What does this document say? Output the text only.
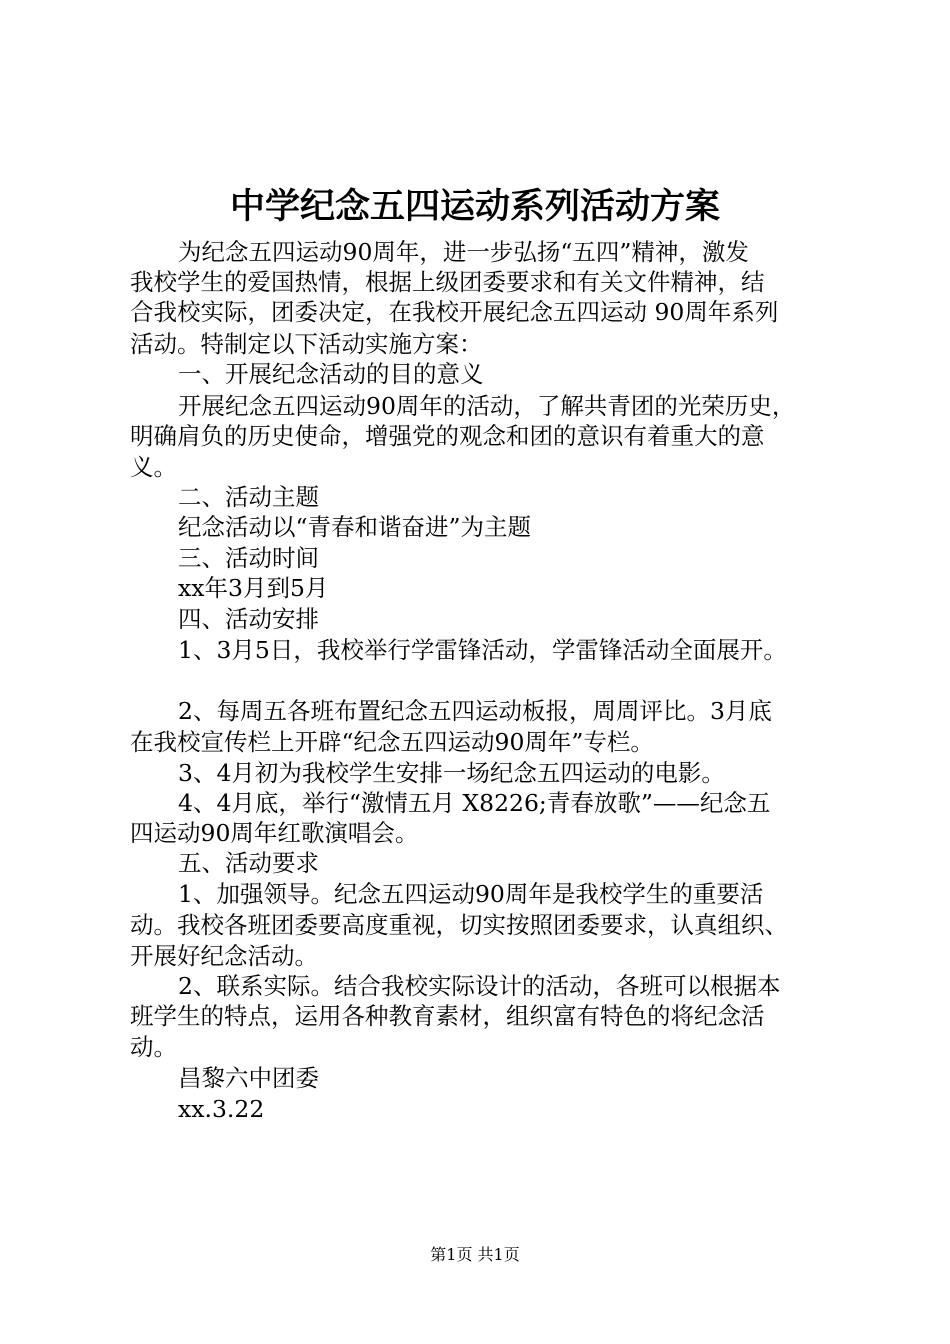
中学纪念五四运动系列活动方案
为纪念五四运动90周年，进一步弘扬“五四”精神，激发
我校学生的爱国热情，根据上级团委要求和有关文件精神，结
合我校实际，团委决定，在我校开展纪念五四运动 90周年系列
活动。特制定以下活动实施方案：
一、开展纪念活动的目的意义
开展纪念五四运动90周年的活动，了解共青团的光荣历史，
明确肩负的历史使命，增强党的观念和团的意识有着重大的意
义。
二、活动主题
纪念活动以“青春和谐奋进”为主题
三、活动时间
xx年3月到5月
四、活动安排
1、3月5日，我校举行学雷锋活动，学雷锋活动全面展开。
2、每周五各班布置纪念五四运动板报，周周评比。3月底
在我校宣传栏上开辟“纪念五四运动90周年”专栏。
3、4月初为我校学生安排一场纪念五四运动的电影。
4、4月底，举行“激情五月 X8226;青春放歌”——纪念五
四运动90周年红歌演唱会。
五、活动要求
1、加强领导。纪念五四运动90周年是我校学生的重要活
动。我校各班团委要高度重视，切实按照团委要求，认真组织、
开展好纪念活动。
2、联系实际。结合我校实际设计的活动，各班可以根据本
班学生的特点，运用各种教育素材，组织富有特色的将纪念活
动。
昌黎六中团委
xx.3.22
第1页 共1页
